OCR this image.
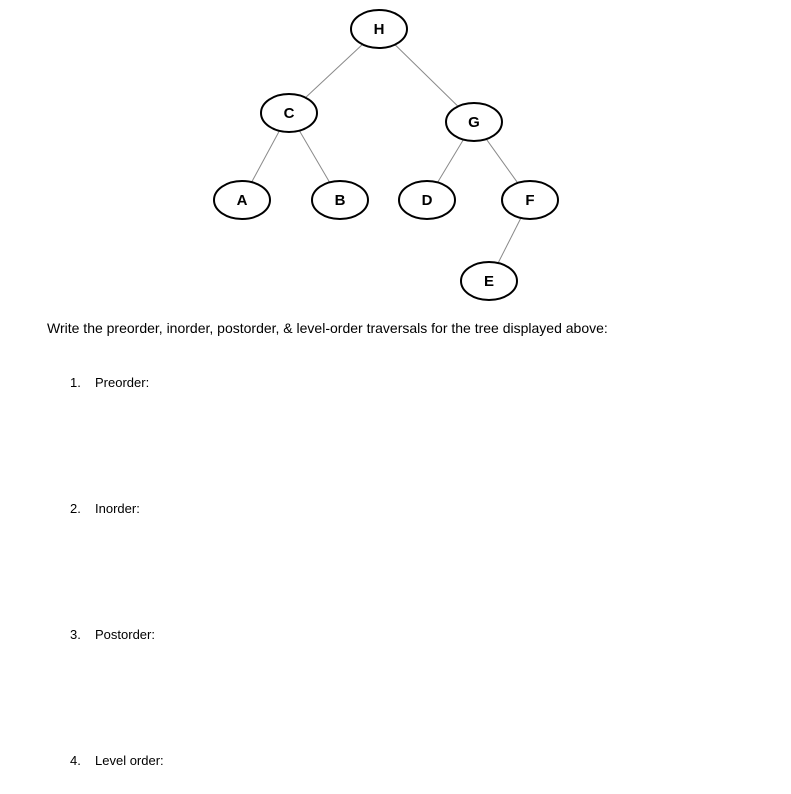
H
C
G
A	B	D	F
E
Write the preorder, inorder, postorder, & level-order traversals for the tree displayed above:
1. Preorder:
2. Inorder:
3. Postorder:
4. Level order:
